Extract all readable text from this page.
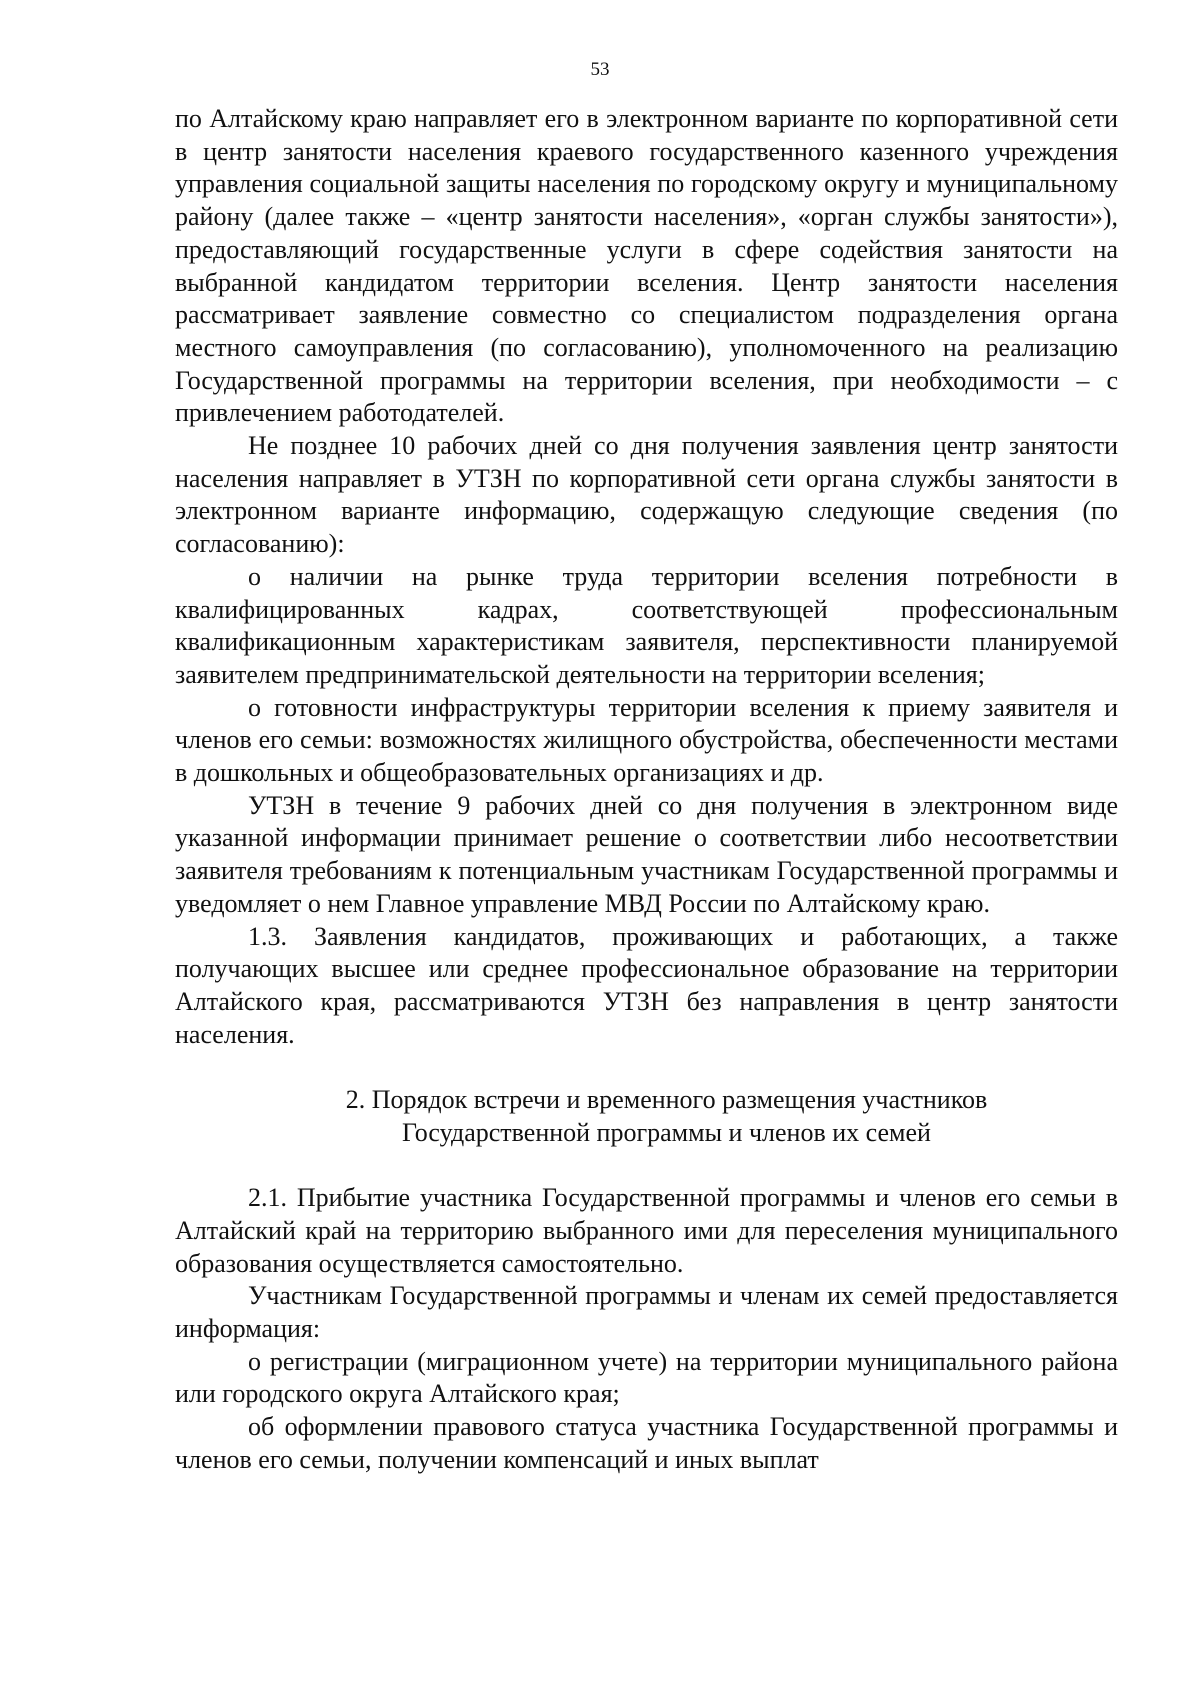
53

по Алтайскому краю направляет его в электронном варианте по корпоративной сети в центр занятости населения краевого государственного казенного учреждения управления социальной защиты населения по городскому округу и муниципальному району (далее также – «центр занятости населения», «орган службы занятости»), предоставляющий государственные услуги в сфере содействия занятости на выбранной кандидатом территории вселения. Центр занятости населения рассматривает заявление совместно со специалистом подразделения органа местного самоуправления (по согласованию), уполномоченного на реализацию Государственной программы на территории вселения, при необходимости – с привлечением работодателей.

Не позднее 10 рабочих дней со дня получения заявления центр занятости населения направляет в УТЗН по корпоративной сети органа службы занятости в электронном варианте информацию, содержащую следующие сведения (по согласованию):

о наличии на рынке труда территории вселения потребности в квалифицированных кадрах, соответствующей профессиональным квалификационным характеристикам заявителя, перспективности планируемой заявителем предпринимательской деятельности на территории вселения;

о готовности инфраструктуры территории вселения к приему заявителя и членов его семьи: возможностях жилищного обустройства, обеспеченности местами в дошкольных и общеобразовательных организациях и др.

УТЗН в течение 9 рабочих дней со дня получения в электронном виде указанной информации принимает решение о соответствии либо несоответствии заявителя требованиям к потенциальным участникам Государственной программы и уведомляет о нем Главное управление МВД России по Алтайскому краю.

1.3. Заявления кандидатов, проживающих и работающих, а также получающих высшее или среднее профессиональное образование на территории Алтайского края, рассматриваются УТЗН без направления в центр занятости населения.

2. Порядок встречи и временного размещения участников
Государственной программы и членов их семей

2.1. Прибытие участника Государственной программы и членов его семьи в Алтайский край на территорию выбранного ими для переселения муниципального образования осуществляется самостоятельно.

Участникам Государственной программы и членам их семей предоставляется информация:

о регистрации (миграционном учете) на территории муниципального района или городского округа Алтайского края;

об оформлении правового статуса участника Государственной программы и членов его семьи, получении компенсаций и иных выплат
